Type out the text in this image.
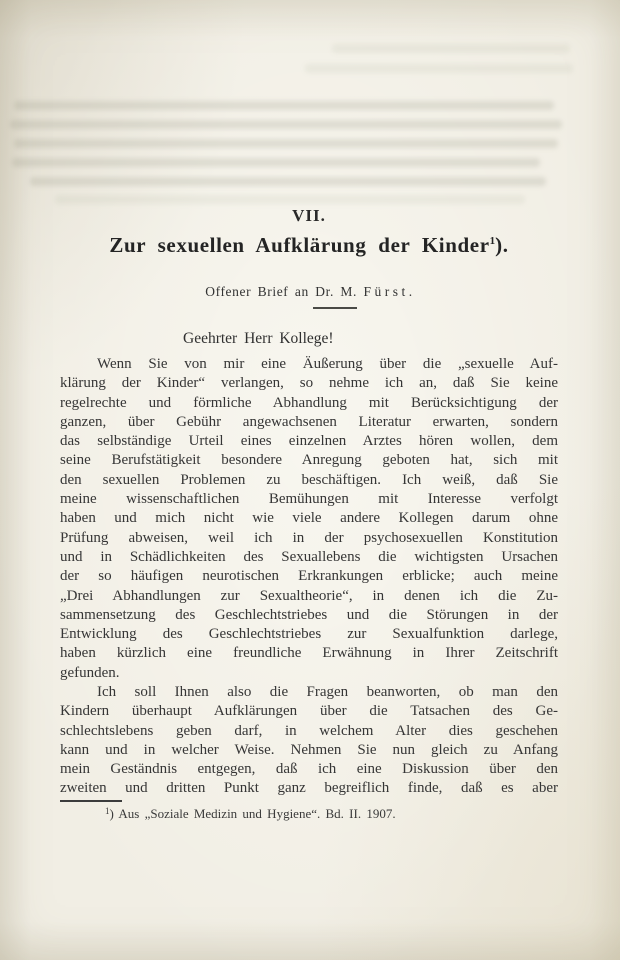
VII.
Zur sexuellen Aufklärung der Kinder$^1$).
Offener Brief an Dr. M. Fürst.
Geehrter Herr Kollege!
Wenn Sie von mir eine Äußerung über die „sexuelle Auf-
klärung der Kinder“ verlangen, so nehme ich an, daß Sie keine
regelrechte und förmliche Abhandlung mit Berücksichtigung der
ganzen, über Gebühr angewachsenen Literatur erwarten, sondern
das selbständige Urteil eines einzelnen Arztes hören wollen, dem
seine Berufstätigkeit besondere Anregung geboten hat, sich mit
den sexuellen Problemen zu beschäftigen. Ich weiß, daß Sie
meine wissenschaftlichen Bemühungen mit Interesse verfolgt
haben und mich nicht wie viele andere Kollegen darum ohne
Prüfung abweisen, weil ich in der psychosexuellen Konstitution
und in Schädlichkeiten des Sexuallebens die wichtigsten Ursachen
der so häufigen neurotischen Erkrankungen erblicke; auch meine
„Drei Abhandlungen zur Sexualtheorie“, in denen ich die Zu-
sammensetzung des Geschlechtstriebes und die Störungen in der
Entwicklung des Geschlechtstriebes zur Sexualfunktion darlege,
haben kürzlich eine freundliche Erwähnung in Ihrer Zeitschrift
gefunden.
Ich soll Ihnen also die Fragen beanworten, ob man den
Kindern überhaupt Aufklärungen über die Tatsachen des Ge-
schlechtslebens geben darf, in welchem Alter dies geschehen
kann und in welcher Weise. Nehmen Sie nun gleich zu Anfang
mein Geständnis entgegen, daß ich eine Diskussion über den
zweiten und dritten Punkt ganz begreiflich finde, daß es aber
$^1$) Aus „Soziale Medizin und Hygiene“. Bd. II. 1907.
